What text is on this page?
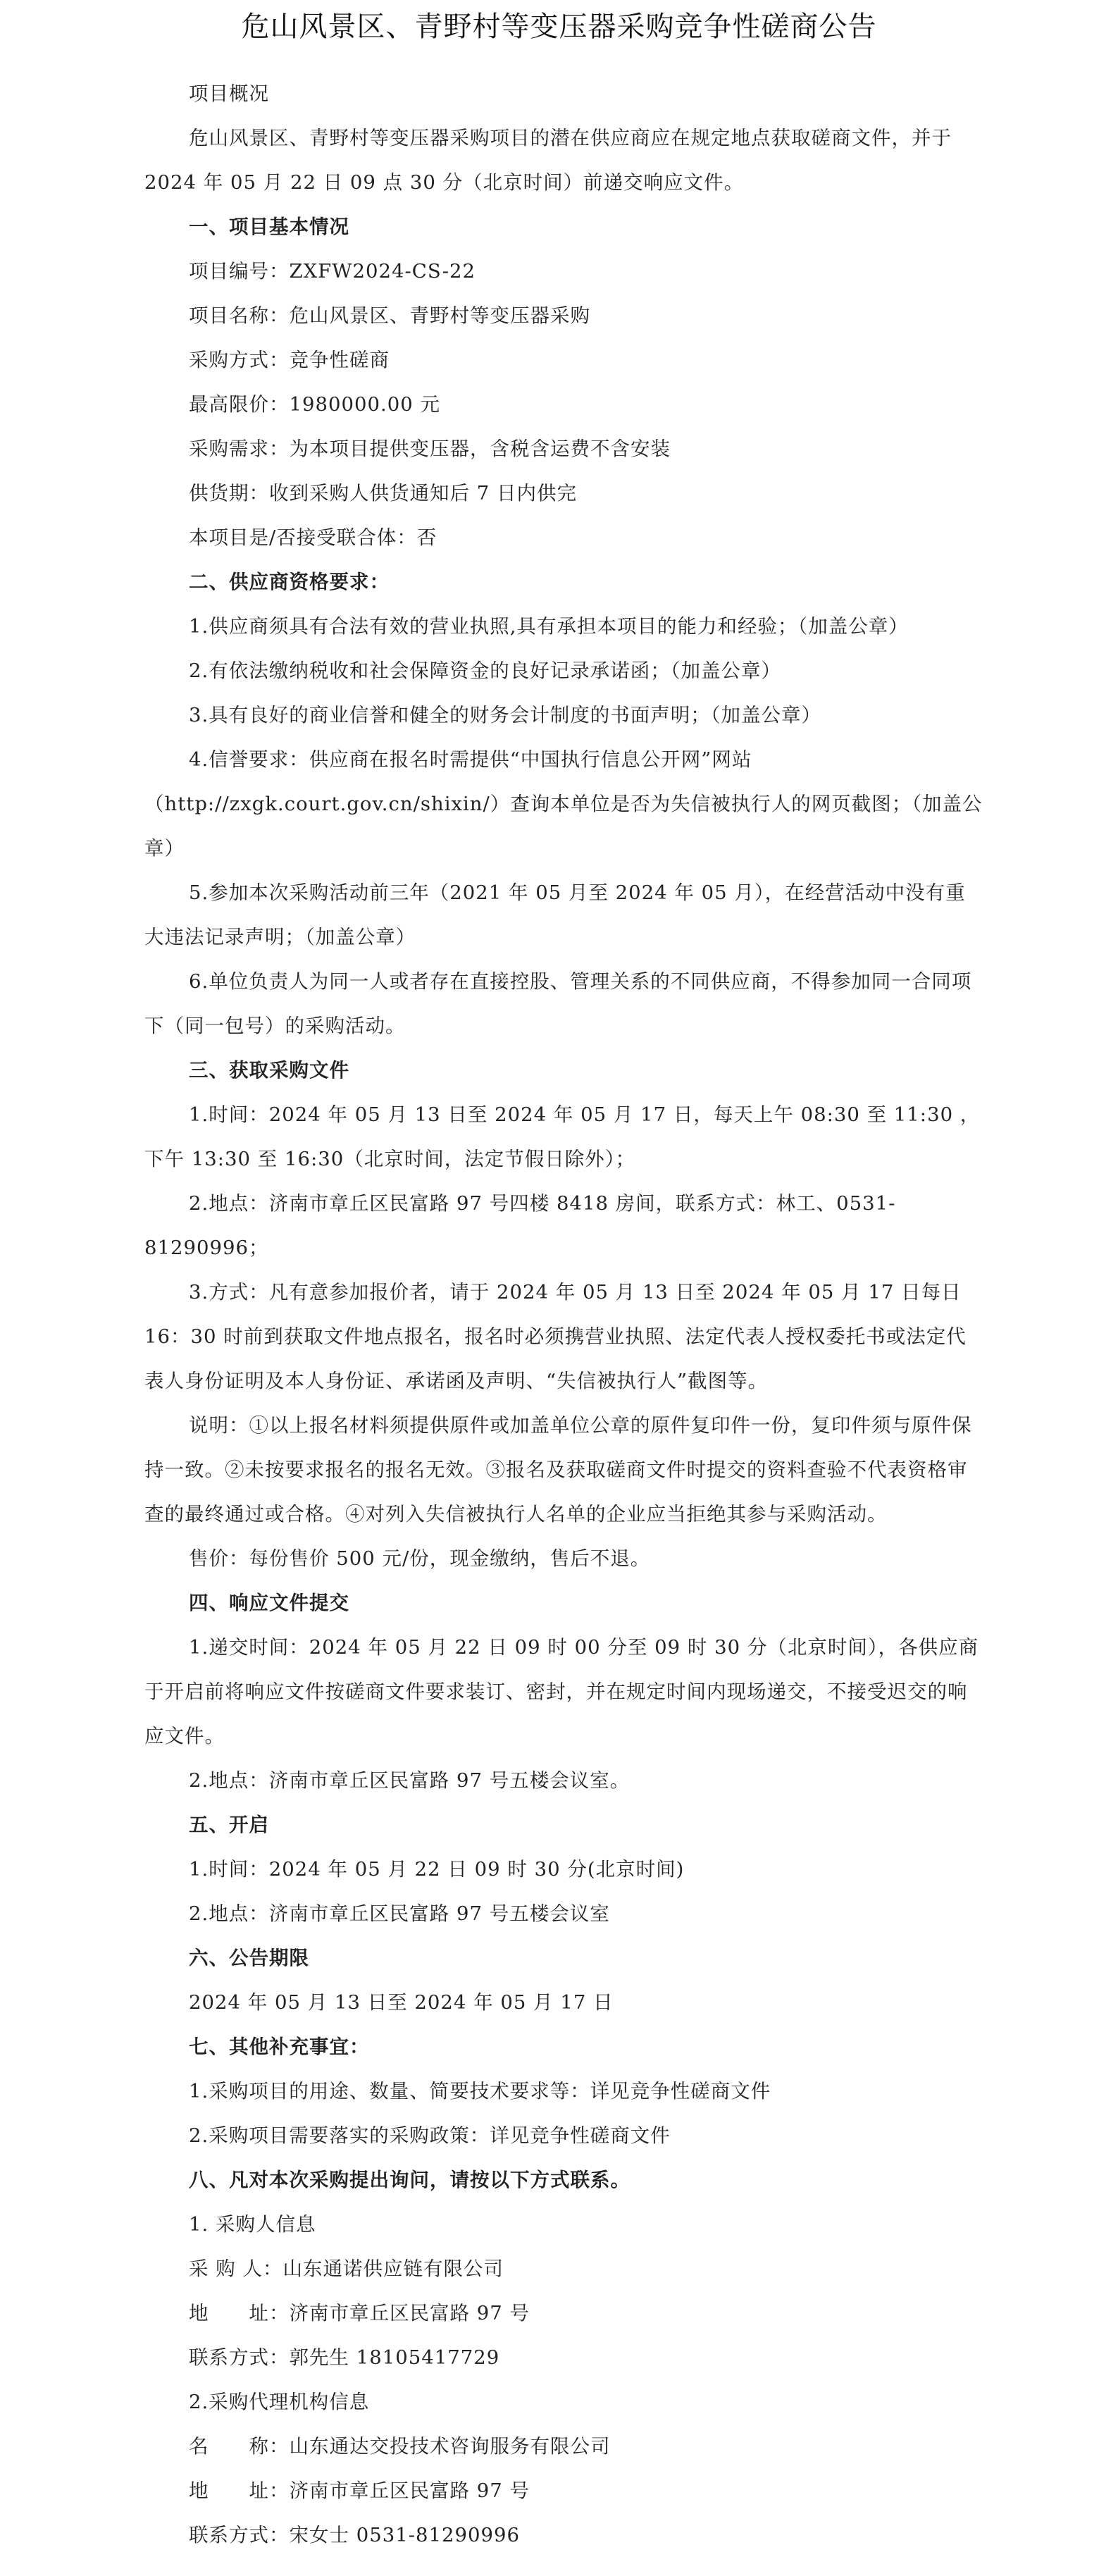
危山风景区、青野村等变压器采购竞争性磋商公告

项目概况

危山风景区、青野村等变压器采购项目的潜在供应商应在规定地点获取磋商文件，并于 2024 年 05 月 22 日 09 点 30 分（北京时间）前递交响应文件。

一、项目基本情况

项目编号：ZXFW2024-CS-22

项目名称：危山风景区、青野村等变压器采购

采购方式：竞争性磋商

最高限价：1980000.00 元

采购需求：为本项目提供变压器，含税含运费不含安装

供货期：收到采购人供货通知后 7 日内供完

本项目是/否接受联合体：否

二、供应商资格要求：

1.供应商须具有合法有效的营业执照,具有承担本项目的能力和经验；（加盖公章）

2.有依法缴纳税收和社会保障资金的良好记录承诺函；（加盖公章）

3.具有良好的商业信誉和健全的财务会计制度的书面声明；（加盖公章）

4.信誉要求：供应商在报名时需提供“中国执行信息公开网”网站（http://zxgk.court.gov.cn/shixin/）查询本单位是否为失信被执行人的网页截图；（加盖公章）

5.参加本次采购活动前三年（2021 年 05 月至 2024 年 05 月），在经营活动中没有重大违法记录声明；（加盖公章）

6.单位负责人为同一人或者存在直接控股、管理关系的不同供应商，不得参加同一合同项下（同一包号）的采购活动。

三、获取采购文件

1.时间：2024 年 05 月 13 日至 2024 年 05 月 17 日，每天上午 08:30 至 11:30 ，下午 13:30 至 16:30（北京时间，法定节假日除外）；

2.地点：济南市章丘区民富路 97 号四楼 8418 房间，联系方式：林工、0531-81290996；

3.方式：凡有意参加报价者，请于 2024 年 05 月 13 日至 2024 年 05 月 17 日每日 16：30 时前到获取文件地点报名，报名时必须携营业执照、法定代表人授权委托书或法定代表人身份证明及本人身份证、承诺函及声明、“失信被执行人”截图等。

说明：①以上报名材料须提供原件或加盖单位公章的原件复印件一份，复印件须与原件保持一致。②未按要求报名的报名无效。③报名及获取磋商文件时提交的资料查验不代表资格审查的最终通过或合格。④对列入失信被执行人名单的企业应当拒绝其参与采购活动。

售价：每份售价 500 元/份，现金缴纳，售后不退。

四、响应文件提交

1.递交时间：2024 年 05 月 22 日 09 时 00 分至 09 时 30 分（北京时间），各供应商于开启前将响应文件按磋商文件要求装订、密封，并在规定时间内现场递交，不接受迟交的响应文件。

2.地点：济南市章丘区民富路 97 号五楼会议室。

五、开启

1.时间：2024 年 05 月 22 日 09 时 30 分(北京时间)

2.地点：济南市章丘区民富路 97 号五楼会议室

六、公告期限

2024 年 05 月 13 日至 2024 年 05 月 17 日

七、其他补充事宜：

1.采购项目的用途、数量、简要技术要求等：详见竞争性磋商文件

2.采购项目需要落实的采购政策：详见竞争性磋商文件

八、凡对本次采购提出询问，请按以下方式联系。

1. 采购人信息

采 购 人：山东通诺供应链有限公司

地　　址：济南市章丘区民富路 97 号

联系方式：郭先生 18105417729

2.采购代理机构信息

名　　称：山东通达交投技术咨询服务有限公司

地　　址：济南市章丘区民富路 97 号

联系方式：宋女士 0531-81290996
